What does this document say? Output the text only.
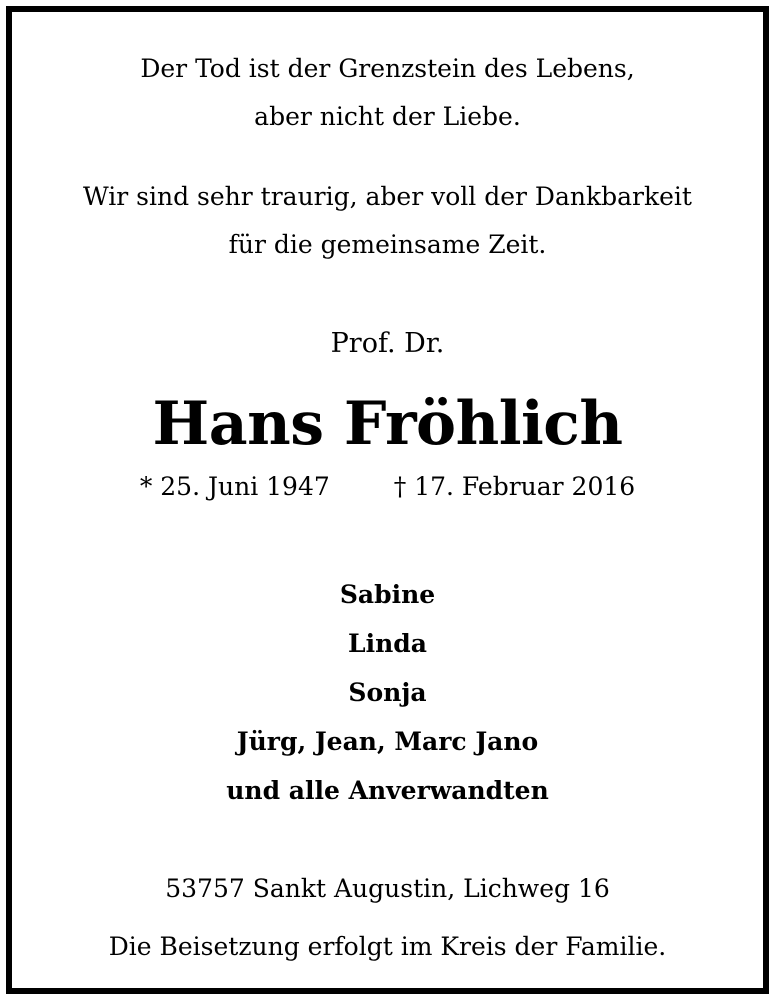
Der Tod ist der Grenzstein des Lebens,
aber nicht der Liebe.
Wir sind sehr traurig, aber voll der Dankbarkeit
für die gemeinsame Zeit.
Prof. Dr.
Hans Fröhlich
* 25. Juni 1947	† 17. Februar 2016
Sabine
Linda
Sonja
Jürg, Jean, Marc Jano
und alle Anverwandten
53757 Sankt Augustin, Lichweg 16
Die Beisetzung erfolgt im Kreis der Familie.
